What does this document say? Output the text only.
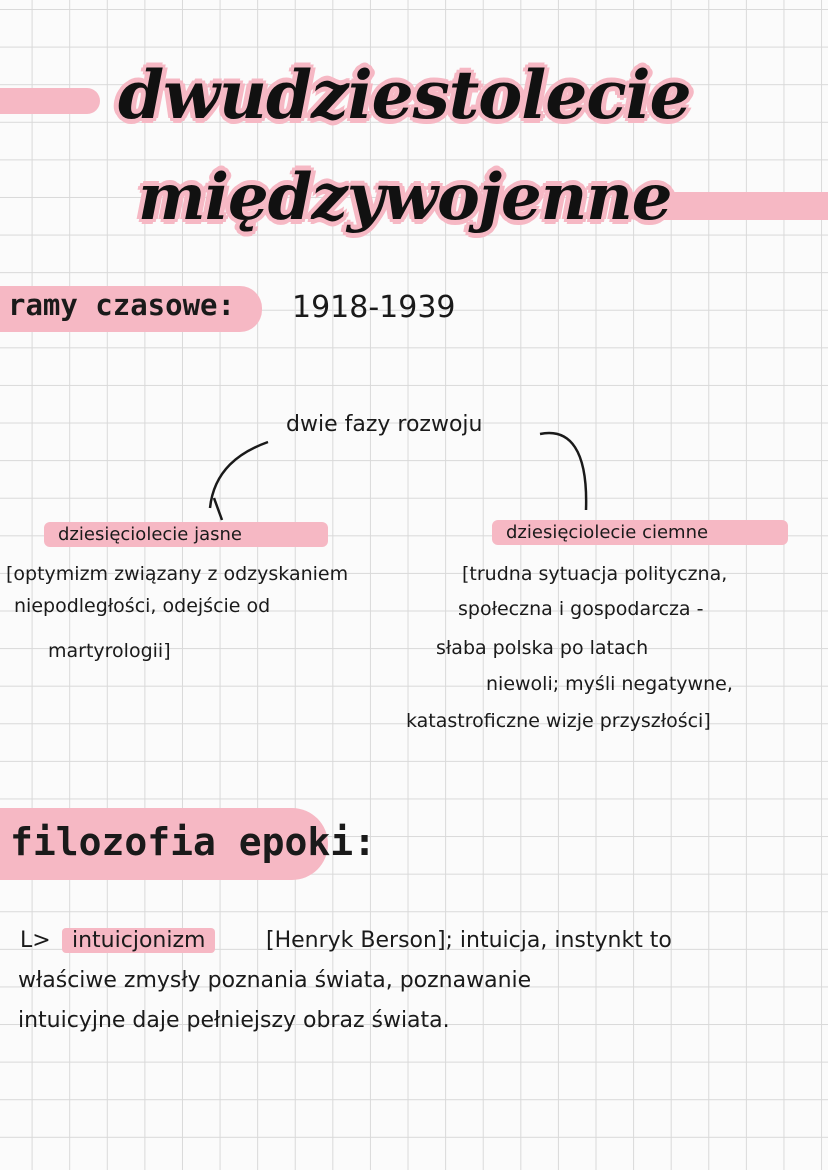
dwudziestolecie
międzywojenne
ramy czasowe: 1918-1939
dwie fazy rozwoju
dziesięciolecie jasne
[optymizm związany z odzyskaniem
niepodległości, odejście od
martyrologii]
dziesięciolecie ciemne
[trudna sytuacja polityczna,
społeczna i gospodarcza -
słaba polska po latach
niewoli; myśli negatywne,
katastroficzne wizje przyszłości]
filozofia epoki:
L> intuicjonizm	[Henryk Berson]; intuicja, instynkt to
właściwe zmysły poznania świata, poznawanie
intuicyjne daje pełniejszy obraz świata.
